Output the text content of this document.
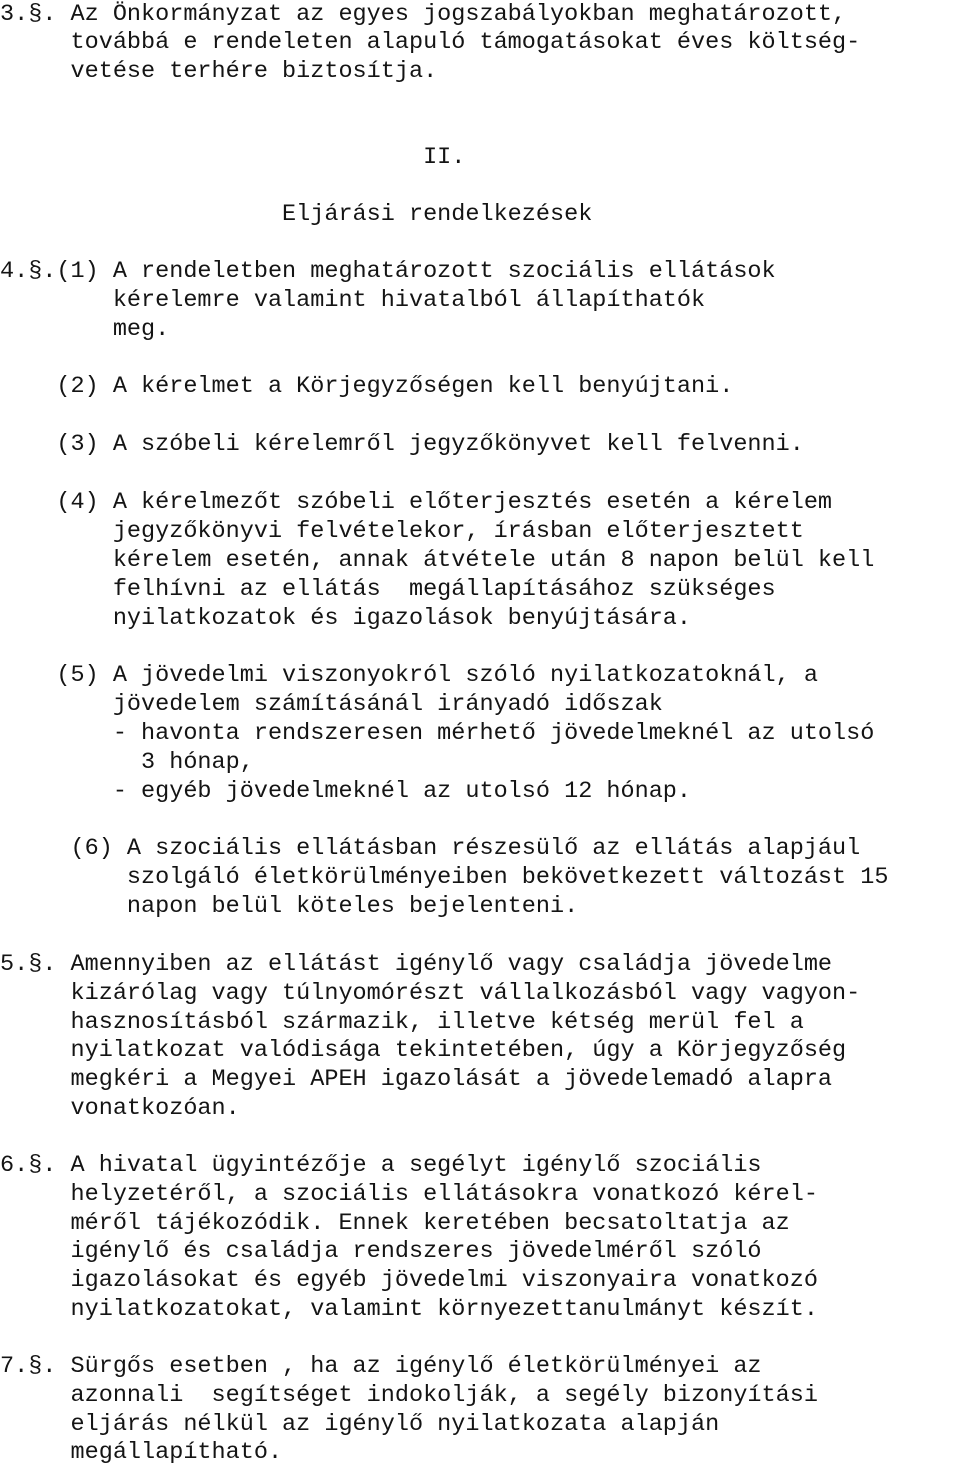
3.§. Az Önkormányzat az egyes jogszabályokban meghatározott,
továbbá e rendeleten alapuló támogatásokat éves költség-
vetése terhére biztosítja.
II.
Eljárási rendelkezések
4.§.(1) A rendeletben meghatározott szociális ellátások
kérelemre valamint hivatalból állapíthatók
meg.
(2) A kérelmet a Körjegyzőségen kell benyújtani.
(3) A szóbeli kérelemről jegyzőkönyvet kell felvenni.
(4) A kérelmezőt szóbeli előterjesztés esetén a kérelem
jegyzőkönyvi felvételekor, írásban előterjesztett
kérelem esetén, annak átvétele után 8 napon belül kell
felhívni az ellátás  megállapításához szükséges
nyilatkozatok és igazolások benyújtására.
(5) A jövedelmi viszonyokról szóló nyilatkozatoknál, a
jövedelem számításánál irányadó időszak
- havonta rendszeresen mérhető jövedelmeknél az utolsó
3 hónap,
- egyéb jövedelmeknél az utolsó 12 hónap.
(6) A szociális ellátásban részesülő az ellátás alapjául
szolgáló életkörülményeiben bekövetkezett változást 15
napon belül köteles bejelenteni.
5.§. Amennyiben az ellátást igénylő vagy családja jövedelme
kizárólag vagy túlnyomórészt vállalkozásból vagy vagyon-
hasznosításból származik, illetve kétség merül fel a
nyilatkozat valódisága tekintetében, úgy a Körjegyzőség
megkéri a Megyei APEH igazolását a jövedelemadó alapra
vonatkozóan.
6.§. A hivatal ügyintézője a segélyt igénylő szociális
helyzetéről, a szociális ellátásokra vonatkozó kérel-
méről tájékozódik. Ennek keretében becsatoltatja az
igénylő és családja rendszeres jövedelméről szóló
igazolásokat és egyéb jövedelmi viszonyaira vonatkozó
nyilatkozatokat, valamint környezettanulmányt készít.
7.§. Sürgős esetben , ha az igénylő életkörülményei az
azonnali  segítséget indokolják, a segély bizonyítási
eljárás nélkül az igénylő nyilatkozata alapján
megállapítható.
